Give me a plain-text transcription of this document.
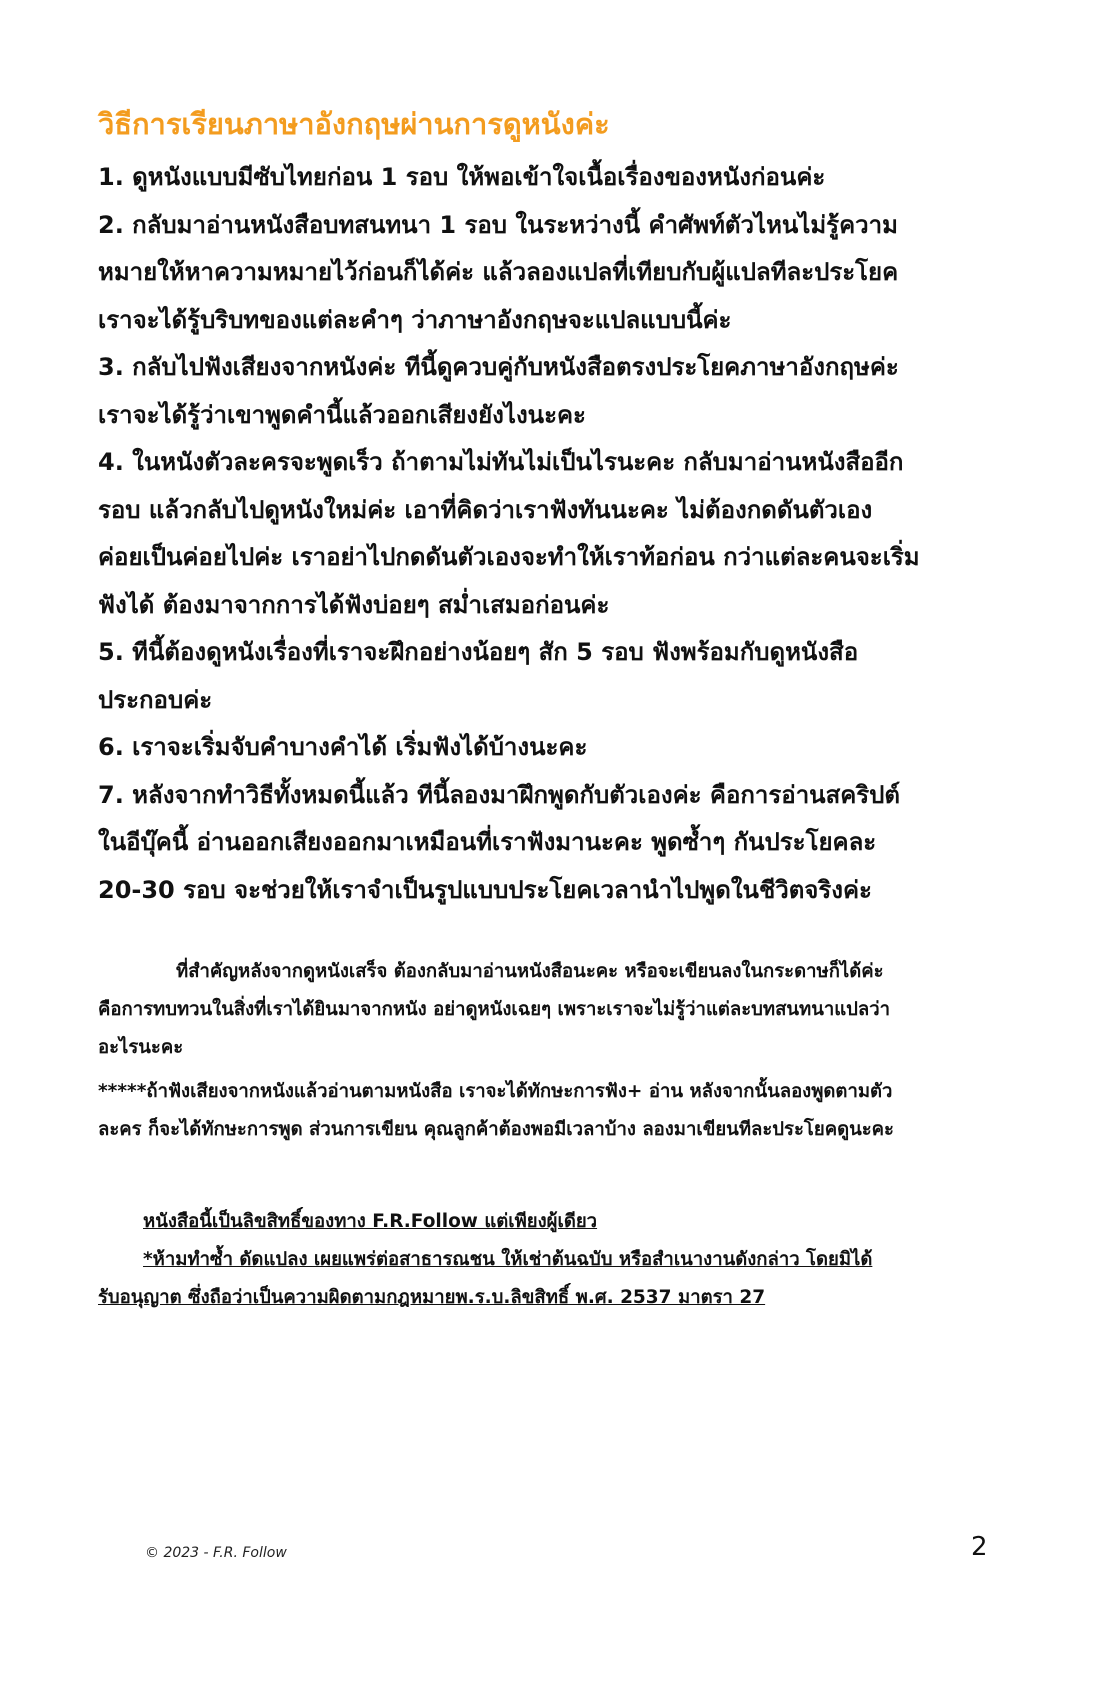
วิธีการเรียนภาษาอังกฤษผ่านการดูหนังค่ะ
1. ดูหนังแบบมีซับไทยก่อน 1 รอบ ให้พอเข้าใจเนื้อเรื่องของหนังก่อนค่ะ
2. กลับมาอ่านหนังสือบทสนทนา 1 รอบ ในระหว่างนี้ คำศัพท์ตัวไหนไม่รู้ความ
หมายให้หาความหมายไว้ก่อนก็ได้ค่ะ แล้วลองแปลที่เทียบกับผู้แปลทีละประโยค
เราจะได้รู้บริบทของแต่ละคำๆ ว่าภาษาอังกฤษจะแปลแบบนี้ค่ะ
3. กลับไปฟังเสียงจากหนังค่ะ ทีนี้ดูควบคู่กับหนังสือตรงประโยคภาษาอังกฤษค่ะ
เราจะได้รู้ว่าเขาพูดคำนี้แล้วออกเสียงยังไงนะคะ
4. ในหนังตัวละครจะพูดเร็ว ถ้าตามไม่ทันไม่เป็นไรนะคะ กลับมาอ่านหนังสืออีก
รอบ แล้วกลับไปดูหนังใหม่ค่ะ เอาที่คิดว่าเราฟังทันนะคะ ไม่ต้องกดดันตัวเอง
ค่อยเป็นค่อยไปค่ะ เราอย่าไปกดดันตัวเองจะทำให้เราท้อก่อน กว่าแต่ละคนจะเริ่ม
ฟังได้ ต้องมาจากการได้ฟังบ่อยๆ สม่ำเสมอก่อนค่ะ
5. ทีนี้ต้องดูหนังเรื่องที่เราจะฝึกอย่างน้อยๆ สัก 5 รอบ ฟังพร้อมกับดูหนังสือ
ประกอบค่ะ
6. เราจะเริ่มจับคำบางคำได้ เริ่มฟังได้บ้างนะคะ
7. หลังจากทำวิธีทั้งหมดนี้แล้ว ทีนี้ลองมาฝึกพูดกับตัวเองค่ะ คือการอ่านสคริปต์
ในอีบุ๊คนี้ อ่านออกเสียงออกมาเหมือนที่เราฟังมานะคะ พูดซ้ำๆ กันประโยคละ
20-30 รอบ จะช่วยให้เราจำเป็นรูปแบบประโยคเวลานำไปพูดในชีวิตจริงค่ะ
ที่สำคัญหลังจากดูหนังเสร็จ ต้องกลับมาอ่านหนังสือนะคะ หรือจะเขียนลงในกระดาษก็ได้ค่ะ
คือการทบทวนในสิ่งที่เราได้ยินมาจากหนัง อย่าดูหนังเฉยๆ เพราะเราจะไม่รู้ว่าแต่ละบทสนทนาแปลว่า
อะไรนะคะ
*****ถ้าฟังเสียงจากหนังแล้วอ่านตามหนังสือ เราจะได้ทักษะการฟัง+ อ่าน หลังจากนั้นลองพูดตามตัว
ละคร ก็จะได้ทักษะการพูด ส่วนการเขียน คุณลูกค้าต้องพอมีเวลาบ้าง ลองมาเขียนทีละประโยคดูนะคะ
หนังสือนี้เป็นลิขสิทธิ์ของทาง F.R.Follow แต่เพียงผู้เดียว
*ห้ามทำซ้ำ ดัดแปลง เผยแพร่ต่อสาธารณชน ให้เช่าต้นฉบับ หรือสำเนางานดังกล่าว โดยมิได้
รับอนุญาต ซึ่งถือว่าเป็นความผิดตามกฎหมายพ.ร.บ.ลิขสิทธิ์ พ.ศ. 2537 มาตรา 27
© 2023 - F.R. Follow	2
